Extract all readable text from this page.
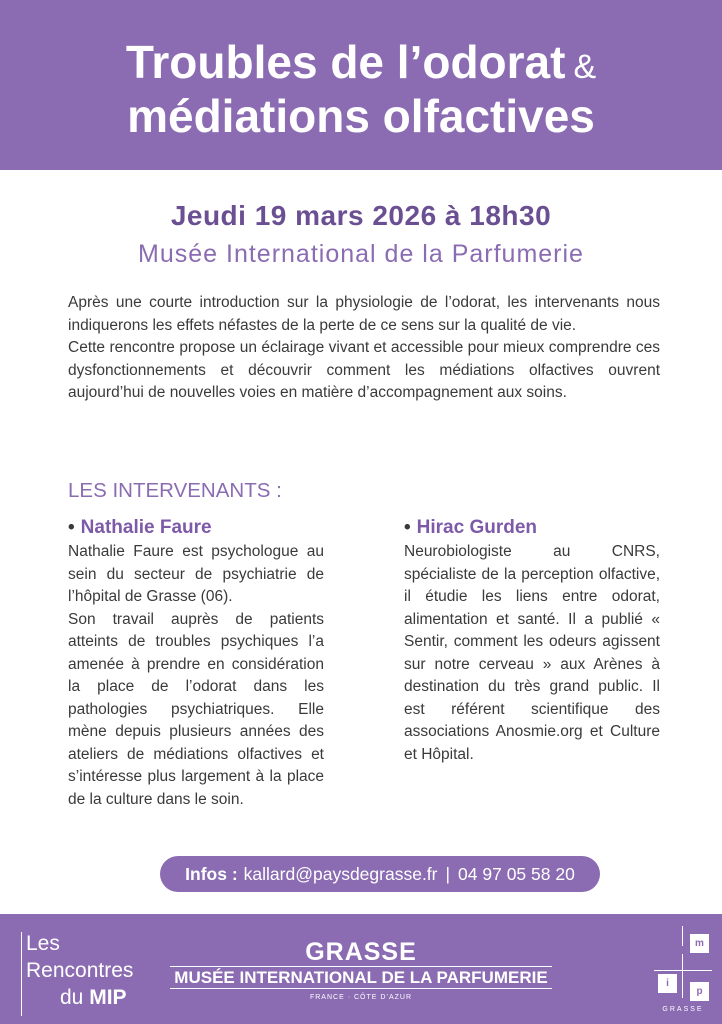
Troubles de l’odorat &
médiations olfactives
Jeudi 19 mars 2026 à 18h30
Musée International de la Parfumerie

Après une courte introduction sur la physiologie de l’odorat, les intervenants nous indiquerons les effets néfastes de la perte de ce sens sur la qualité de vie.

Cette rencontre propose un éclairage vivant et accessible pour mieux comprendre ces dysfonctionnements et découvrir comment les médiations olfactives ouvrent aujourd’hui de nouvelles voies en matière d’accompagnement aux soins.

LES INTERVENANTS :
• Nathalie Faure

Nathalie Faure est psychologue au sein du secteur de psychiatrie de l’hôpital de Grasse (06).

Son travail auprès de patients atteints de troubles psychiques l’a amenée à prendre en considération la place de l’odorat dans les pathologies psychiatriques. Elle mène depuis plusieurs années des ateliers de médiations olfactives et s’intéresse plus largement à la place de la culture dans le soin.

• Hirac Gurden

Neurobiologiste au CNRS, spécialiste de la perception olfactive, il étudie les liens entre odorat, alimentation et santé. Il a publié « Sentir, comment les odeurs agissent sur notre cerveau » aux Arènes à destination du très grand public. Il est référent scientifique des associations Anosmie.org et Culture et Hôpital.

Infos : kallard@paysdegrasse.fr | 04 97 05 58 20
Les
Rencontres
du MIP
GRASSE
MUSÉE INTERNATIONAL DE LA PARFUMERIE
FRANCE · CÔTE D’AZUR
m
i
p
GRASSE
